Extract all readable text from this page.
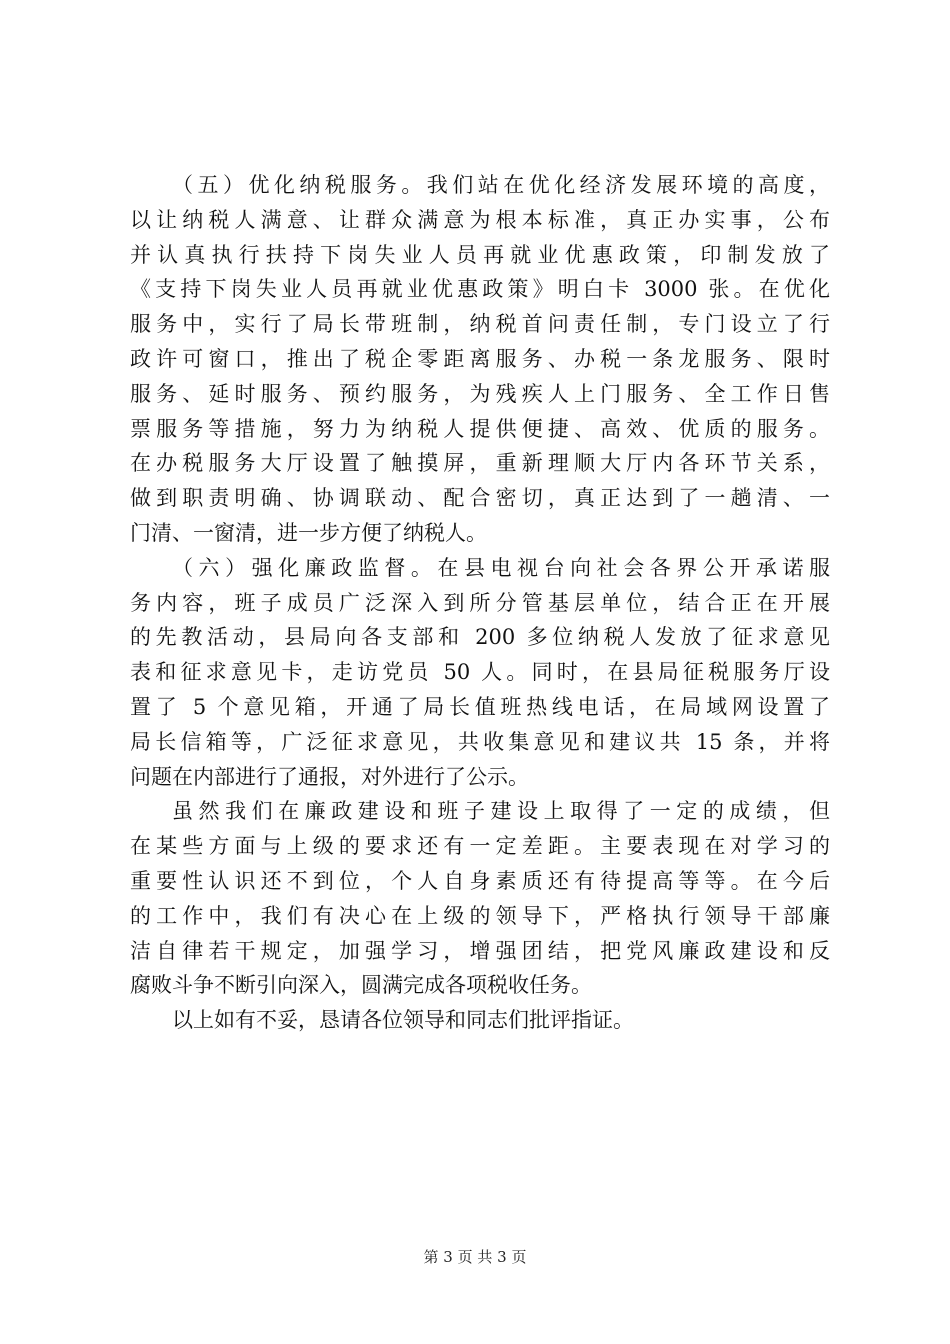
（五）优化纳税服务。我们站在优化经济发展环境的高度，
以让纳税人满意、让群众满意为根本标准，真正办实事，公布
并认真执行扶持下岗失业人员再就业优惠政策，印制发放了
《支持下岗失业人员再就业优惠政策》明白卡 3000 张。在优化
服务中，实行了局长带班制，纳税首问责任制，专门设立了行
政许可窗口，推出了税企零距离服务、办税一条龙服务、限时
服务、延时服务、预约服务，为残疾人上门服务、全工作日售
票服务等措施，努力为纳税人提供便捷、高效、优质的服务。
在办税服务大厅设置了触摸屏，重新理顺大厅内各环节关系，
做到职责明确、协调联动、配合密切，真正达到了一趟清、一
门清、一窗清，进一步方便了纳税人。
（六）强化廉政监督。在县电视台向社会各界公开承诺服
务内容，班子成员广泛深入到所分管基层单位，结合正在开展
的先教活动，县局向各支部和 200 多位纳税人发放了征求意见
表和征求意见卡，走访党员 50 人。同时，在县局征税服务厅设
置了 5 个意见箱，开通了局长值班热线电话，在局域网设置了
局长信箱等，广泛征求意见，共收集意见和建议共 15 条，并将
问题在内部进行了通报，对外进行了公示。
虽然我们在廉政建设和班子建设上取得了一定的成绩，但
在某些方面与上级的要求还有一定差距。主要表现在对学习的
重要性认识还不到位，个人自身素质还有待提高等等。在今后
的工作中，我们有决心在上级的领导下，严格执行领导干部廉
洁自律若干规定，加强学习，增强团结，把党风廉政建设和反
腐败斗争不断引向深入，圆满完成各项税收任务。
以上如有不妥，恳请各位领导和同志们批评指证。
第 3 页 共 3 页
